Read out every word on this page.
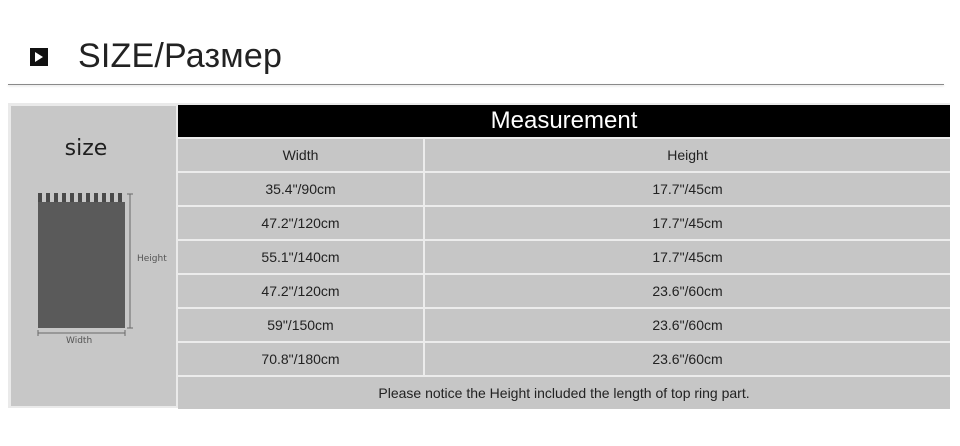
SIZE/Размер
size
Height
Width
Measurement	
Width	Height
35.4"/90cm	17.7"/45cm
47.2"/120cm	17.7"/45cm
55.1"/140cm	17.7"/45cm
47.2"/120cm	23.6"/60cm
59"/150cm	23.6"/60cm
70.8"/180cm	23.6"/60cm
Please notice the Height included the length of top ring part.	
